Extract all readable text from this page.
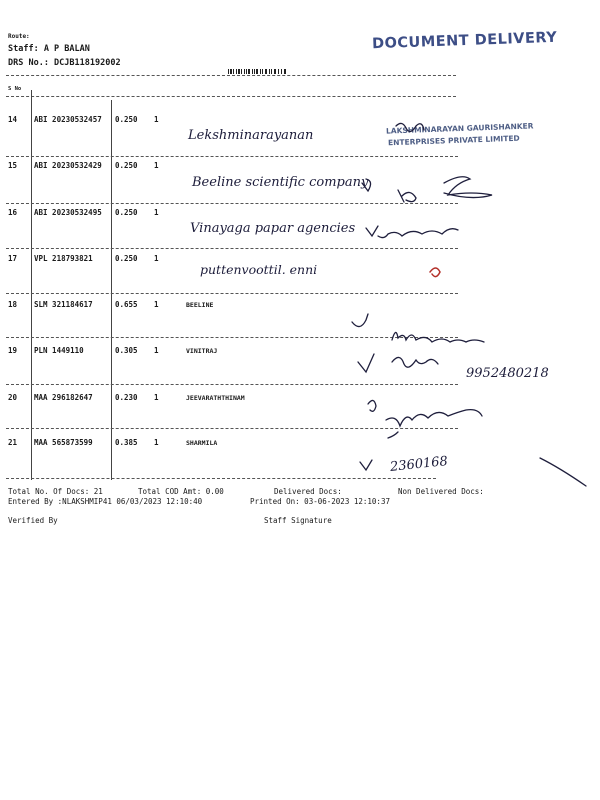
Route:
Staff: A P BALAN
DRS No.: DCJB118192002
DOCUMENT DELIVERY
S No
LAKSHMINARAYAN GAURISHANKER
ENTERPRISES PRIVATE LIMITED
14 ABI 20230532457 0.250 1
Lekshminarayanan
15 ABI 20230532429 0.250 1
Beeline scientific company
16 ABI 20230532495 0.250 1
Vinayaga papar agencies
17 VPL 218793821	0.250 1
puttenvoottil. enni
18 SLM 321184617	0.655 1	BEELINE
19 PLN 1449110	0.305 1	VINITRAJ
20 MAA 296182647	0.230 1	JEEVARATHTHINAM
21 MAA 565873599	0.385 1	SHARMILA
9952480218
2360168
Total No. Of Docs: 21	Total COD Amt: 0.00	Delivered Docs:	Non Delivered Docs:
Entered By :NLAKSHMIP41 06/03/2023 12:10:40	Printed On: 03-06-2023 12:10:37
Verified By	Staff Signature
